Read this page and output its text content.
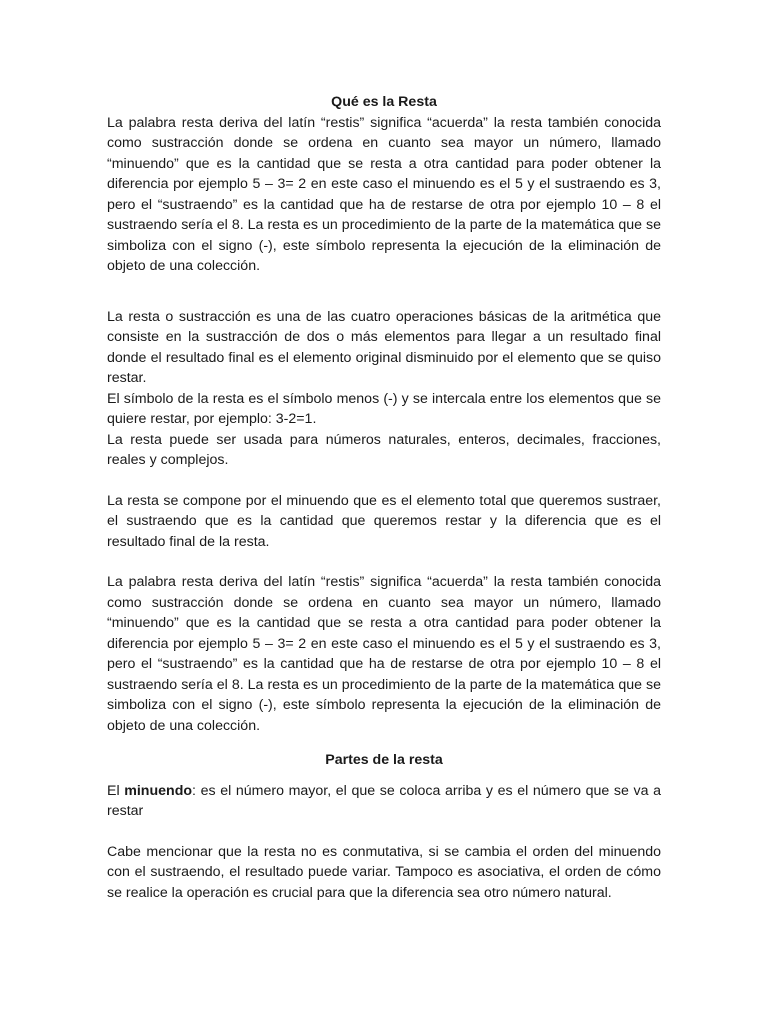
Qué es la Resta

La palabra resta deriva del latín “restis” significa “acuerda” la resta también conocida como sustracción donde se ordena en cuanto sea mayor un número, llamado “minuendo” que es la cantidad que se resta a otra cantidad para poder obtener la diferencia por ejemplo 5 – 3= 2 en este caso el minuendo es el 5 y el sustraendo es 3, pero el “sustraendo” es la cantidad que ha de restarse de otra por ejemplo 10 – 8 el sustraendo sería el 8. La resta es un procedimiento de la parte de la matemática que se simboliza con el signo (-), este símbolo representa la ejecución de la eliminación de objeto de una colección.

La resta o sustracción es una de las cuatro operaciones básicas de la aritmética que consiste en la sustracción de dos o más elementos para llegar a un resultado final donde el resultado final es el elemento original disminuido por el elemento que se quiso restar.

El símbolo de la resta es el símbolo menos (-) y se intercala entre los elementos que se quiere restar, por ejemplo: 3-2=1.

La resta puede ser usada para números naturales, enteros, decimales, fracciones, reales y complejos.

La resta se compone por el minuendo que es el elemento total que queremos sustraer, el sustraendo que es la cantidad que queremos restar y la diferencia que es el resultado final de la resta.

La palabra resta deriva del latín “restis” significa “acuerda” la resta también conocida como sustracción donde se ordena en cuanto sea mayor un número, llamado “minuendo” que es la cantidad que se resta a otra cantidad para poder obtener la diferencia por ejemplo 5 – 3= 2 en este caso el minuendo es el 5 y el sustraendo es 3, pero el “sustraendo” es la cantidad que ha de restarse de otra por ejemplo 10 – 8 el sustraendo sería el 8. La resta es un procedimiento de la parte de la matemática que se simboliza con el signo (-), este símbolo representa la ejecución de la eliminación de objeto de una colección.

Partes de la resta

El minuendo: es el número mayor, el que se coloca arriba y es el número que se va a restar

Cabe mencionar que la resta no es conmutativa, si se cambia el orden del minuendo con el sustraendo, el resultado puede variar. Tampoco es asociativa, el orden de cómo se realice la operación es crucial para que la diferencia sea otro número natural.
